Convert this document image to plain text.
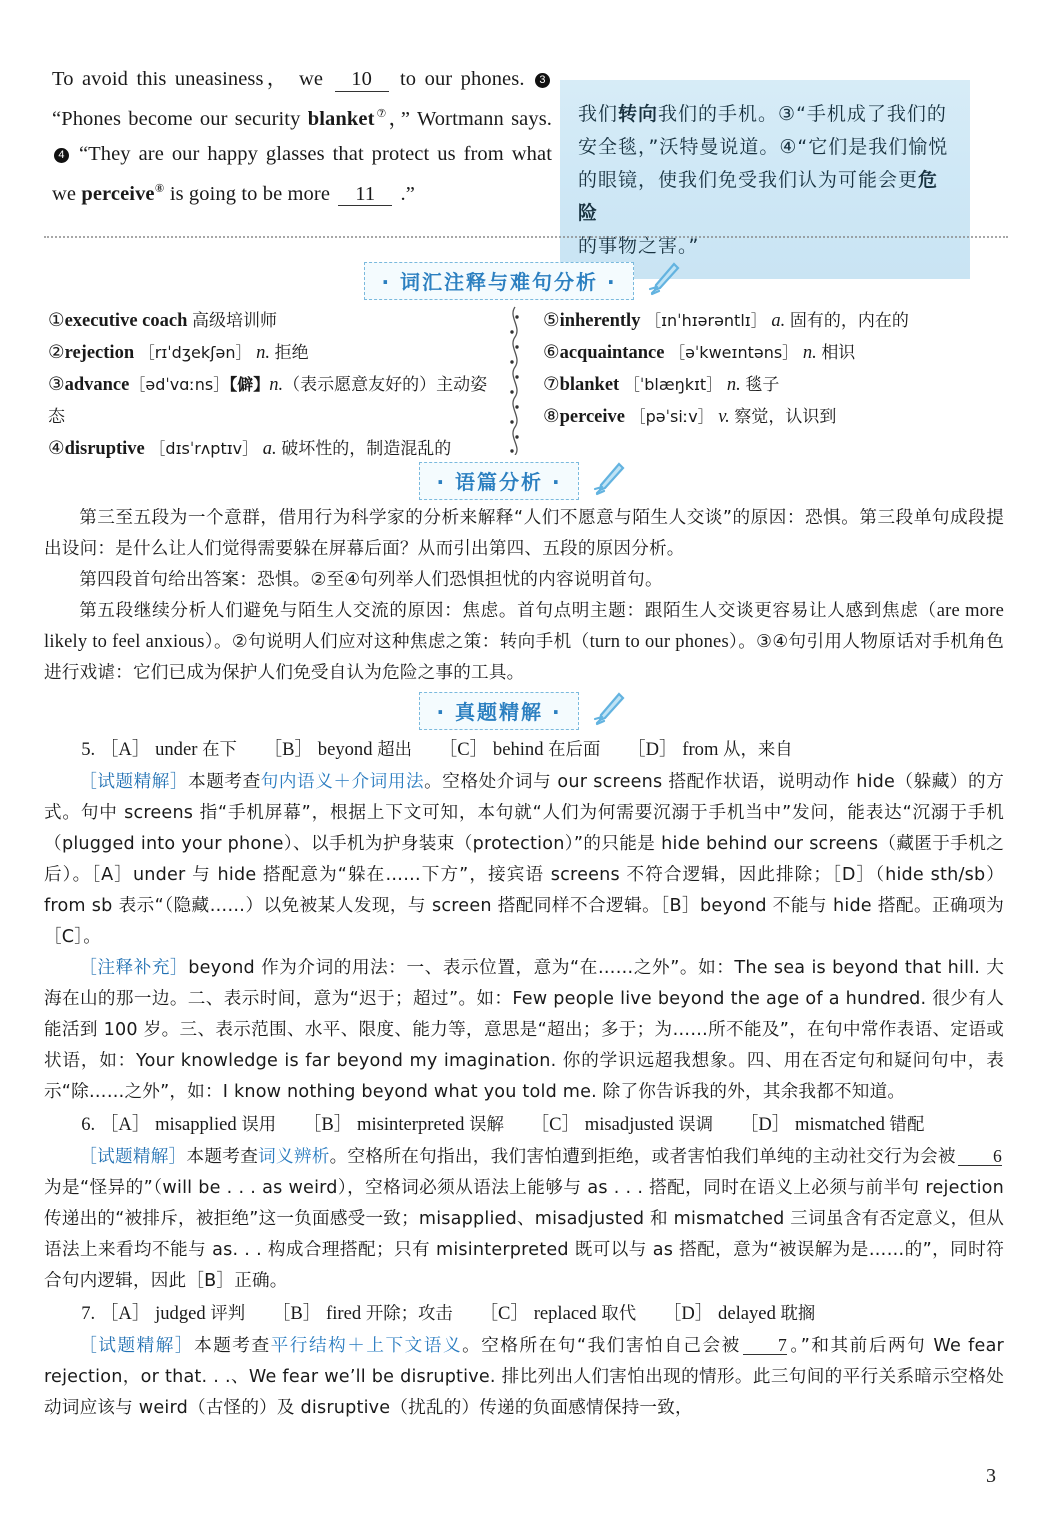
To avoid this uneasiness， we 10 to our phones. 3 “Phones become our security blanket⑦，” Wortmann says. 4 “They are our happy glasses that protect us from what we perceive⑧ is going to be more 11 .”

我们转向我们的手机。③“手机成了我们的
安全毯，”沃特曼说道。④“它们是我们愉悦
的眼镜，使我们免受我们认为可能会更危险
的事物之害。”
· 词汇注释与难句分析 ·
①executive coach 高级培训师
②rejection ［rɪˈdʒekʃən］ n. 拒绝
③advance［ədˈvɑːns］【僻】n.（表示愿意友好的）主动姿态
④disruptive ［dɪsˈrʌptɪv］ a. 破坏性的，制造混乱的
⑤inherently ［ɪnˈhɪərəntlɪ］ a. 固有的，内在的
⑥acquaintance ［əˈkweɪntəns］ n. 相识
⑦blanket ［ˈblæŋkɪt］ n. 毯子
⑧perceive ［pəˈsiːv］ v. 察觉，认识到
· 语篇分析 ·

第三至五段为一个意群，借用行为科学家的分析来解释“人们不愿意与陌生人交谈”的原因：恐惧。第三段单句成段提出设问：是什么让人们觉得需要躲在屏幕后面？从而引出第四、五段的原因分析。

第四段首句给出答案：恐惧。②至④句列举人们恐惧担忧的内容说明首句。

第五段继续分析人们避免与陌生人交流的原因：焦虑。首句点明主题：跟陌生人交谈更容易让人感到焦虑（are more likely to feel anxious）。②句说明人们应对这种焦虑之策：转向手机（turn to our phones）。③④句引用人物原话对手机角色进行戏谑：它们已成为保护人们免受自认为危险之事的工具。

· 真题精解 ·

5. ［A］ under 在下 ［B］ beyond 超出 ［C］ behind 在后面 ［D］ from 从，来自

［试题精解］本题考查句内语义＋介词用法。空格处介词与 our screens 搭配作状语，说明动作 hide（躲藏）的方式。句中 screens 指“手机屏幕”，根据上下文可知，本句就“人们为何需要沉溺于手机当中”发问，能表达“沉溺于手机（plugged into your phone）、以手机为护身装束（protection）”的只能是 hide behind our screens（藏匿于手机之后）。［A］under 与 hide 搭配意为“躲在……下方”，接宾语 screens 不符合逻辑，因此排除；［D］（hide sth/sb）from sb 表示“（隐藏……）以免被某人发现，与 screen 搭配同样不合逻辑。［B］beyond 不能与 hide 搭配。正确项为［C］。

［注释补充］beyond 作为介词的用法：一、表示位置，意为“在……之外”。如：The sea is beyond that hill. 大海在山的那一边。二、表示时间，意为“迟于；超过”。如：Few people live beyond the age of a hundred. 很少有人能活到 100 岁。三、表示范围、水平、限度、能力等，意思是“超出；多于；为……所不能及”，在句中常作表语、定语或状语，如：Your knowledge is far beyond my imagination. 你的学识远超我想象。四、用在否定句和疑问句中，表示“除……之外”，如：I know nothing beyond what you told me. 除了你告诉我的外，其余我都不知道。

6. ［A］ misapplied 误用 ［B］ misinterpreted 误解 ［C］ misadjusted 误调 ［D］ mismatched 错配

［试题精解］本题考查词义辨析。空格所在句指出，我们害怕遭到拒绝，或者害怕我们单纯的主动社交行为会被 6为是“怪异的”（will be . . . as weird），空格词必须从语法上能够与 as . . . 搭配，同时在语义上必须与前半句 rejection 传递出的“被排斥，被拒绝”这一负面感受一致；misapplied、misadjusted 和 mismatched 三词虽含有否定意义，但从语法上来看均不能与 as. . . 构成合理搭配；只有 misinterpreted 既可以与 as 搭配，意为“被误解为是……的”，同时符合句内逻辑，因此［B］正确。

7. ［A］ judged 评判 ［B］ fired 开除；攻击 ［C］ replaced 取代 ［D］ delayed 耽搁

［试题精解］本题考查平行结构＋上下文语义。空格所在句“我们害怕自己会被 7 。”和其前后两句 We fear rejection，or that. . .、We fear we’ll be disruptive. 排比列出人们害怕出现的情形。此三句间的平行关系暗示空格处动词应该与 weird（古怪的）及 disruptive（扰乱的）传递的负面感情保持一致，

3
